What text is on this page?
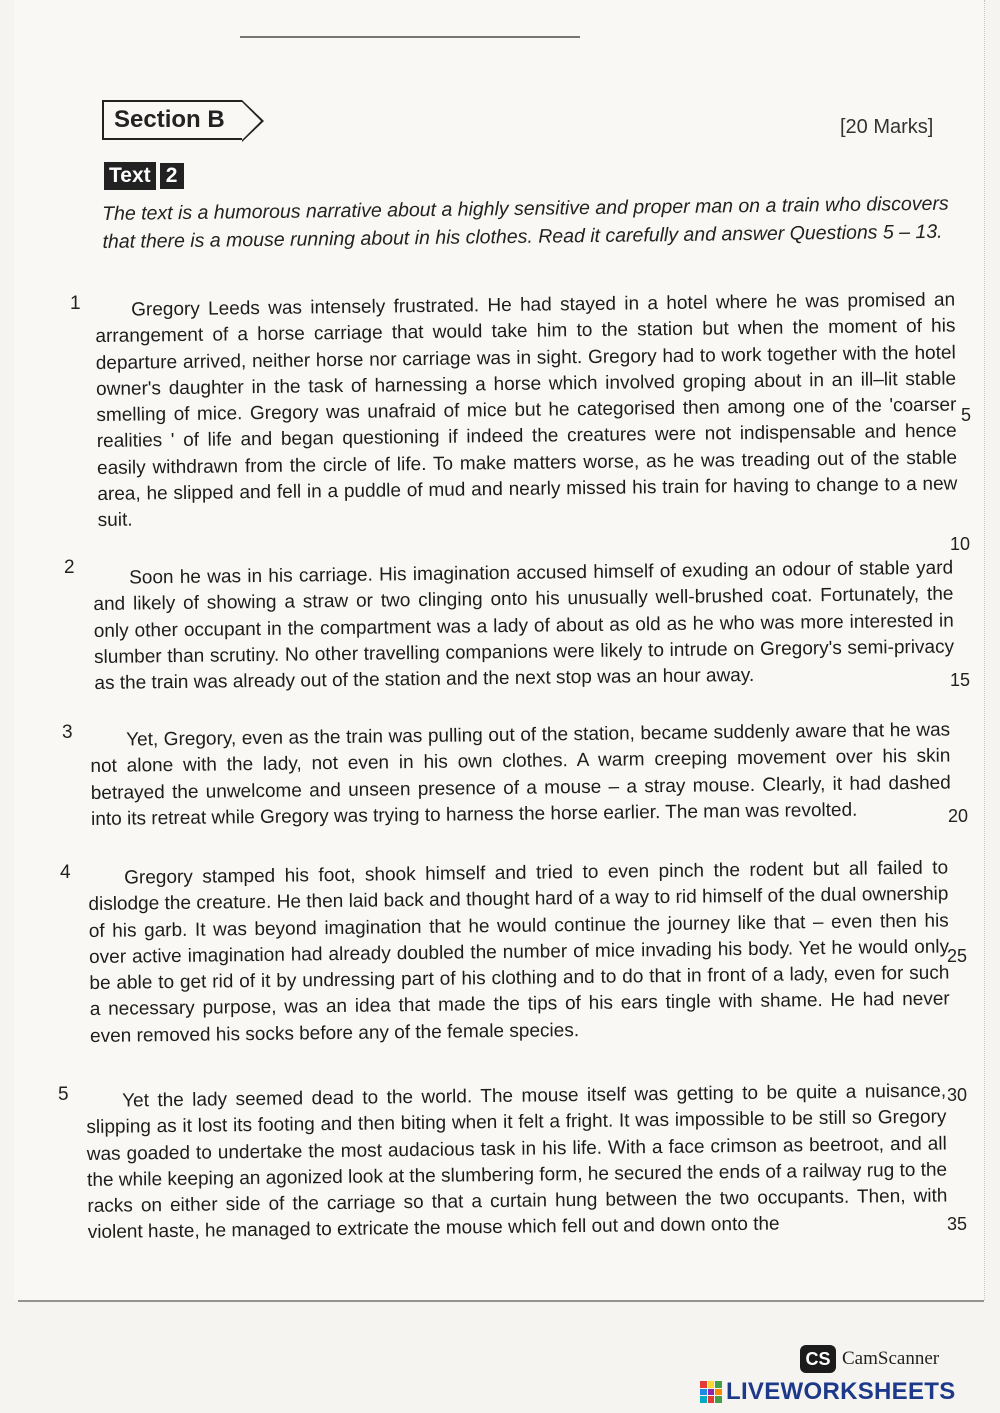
Section B	[20 Marks]
Text 2
The text is a humorous narrative about a highly sensitive and proper man on a train who discovers that there is a mouse running about in his clothes. Read it carefully and answer Questions 5 – 13.
1	Gregory Leeds was intensely frustrated. He had stayed in a hotel where he was promised an arrangement of a horse carriage that would take him to the station but when the moment of his departure arrived, neither horse nor carriage was in sight. Gregory had to work together with the hotel owner's daughter in the task of harnessing a horse which involved groping about in an ill–lit stable smelling of mice. Gregory was unafraid of mice but he categorised then among one of the 'coarser realities ' of life and began questioning if indeed the creatures were not indispensable and hence easily withdrawn from the circle of life. To make matters worse, as he was treading out of the stable area, he slipped and fell in a puddle of mud and nearly missed his train for having to change to a new suit.
2	Soon he was in his carriage. His imagination accused himself of exuding an odour of stable yard and likely of showing a straw or two clinging onto his unusually well-brushed coat. Fortunately, the only other occupant in the compartment was a lady of about as old as he who was more interested in slumber than scrutiny. No other travelling companions were likely to intrude on Gregory's semi-privacy as the train was already out of the station and the next stop was an hour away.
3	Yet, Gregory, even as the train was pulling out of the station, became suddenly aware that he was not alone with the lady, not even in his own clothes. A warm creeping movement over his skin betrayed the unwelcome and unseen presence of a mouse – a stray mouse. Clearly, it had dashed into its retreat while Gregory was trying to harness the horse earlier. The man was revolted.
4	Gregory stamped his foot, shook himself and tried to even pinch the rodent but all failed to dislodge the creature. He then laid back and thought hard of a way to rid himself of the dual ownership of his garb. It was beyond imagination that he would continue the journey like that – even then his over active imagination had already doubled the number of mice invading his body. Yet he would only be able to get rid of it by undressing part of his clothing and to do that in front of a lady, even for such a necessary purpose, was an idea that made the tips of his ears tingle with shame. He had never even removed his socks before any of the female species.
5	Yet the lady seemed dead to the world. The mouse itself was getting to be quite a nuisance, slipping as it lost its footing and then biting when it felt a fright. It was impossible to be still so Gregory was goaded to undertake the most audacious task in his life. With a face crimson as beetroot, and all the while keeping an agonized look at the slumbering form, he secured the ends of a railway rug to the racks on either side of the carriage so that a curtain hung between the two occupants. Then, with violent haste, he managed to extricate the mouse which fell out and down onto the
5
10
15
20
25
30
35
CS CamScanner
LIVEWORKSHEETS
